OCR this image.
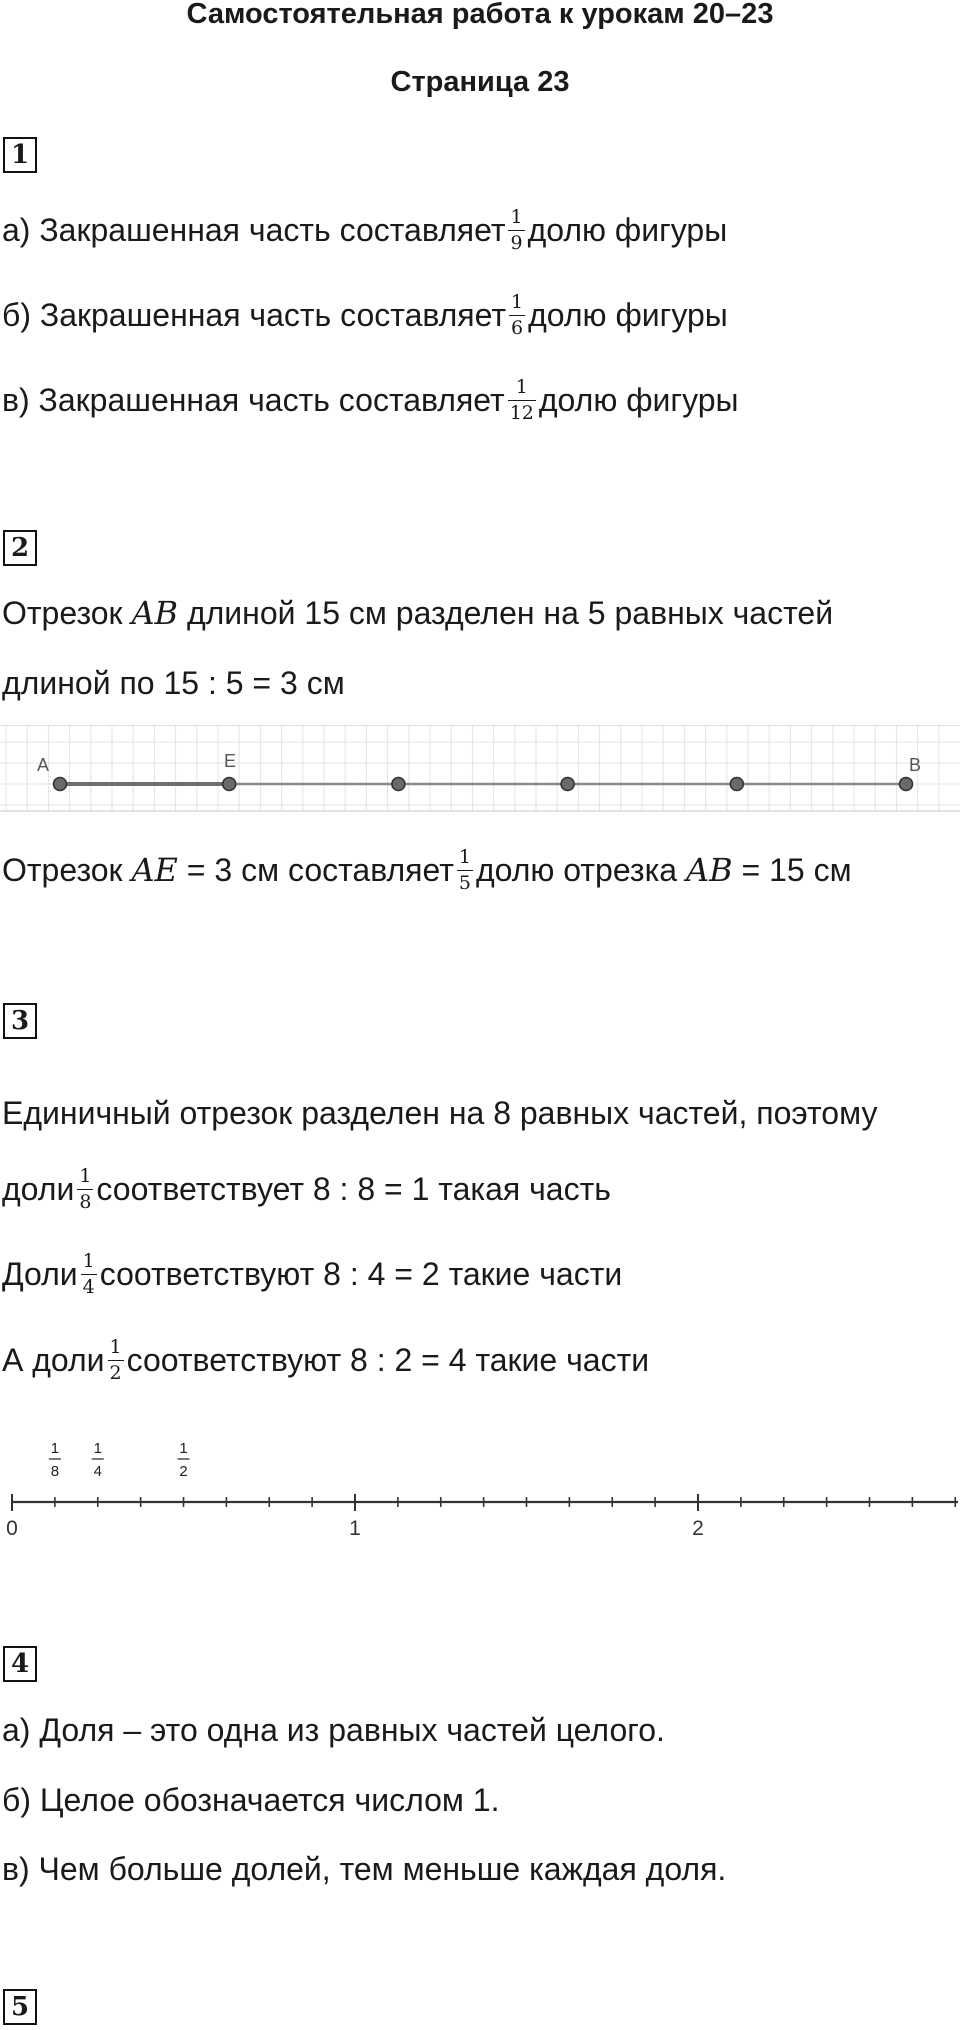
Самостоятельная работа к урокам 20–23
Страница 23
1
а) Закрашенная часть составляет $\frac{1}{9}$ долю фигуры
б) Закрашенная часть составляет $\frac{1}{6}$ долю фигуры
в) Закрашенная часть составляет $\frac{1}{12}$ долю фигуры
2
Отрезок AB длиной 15 см разделен на 5 равных частей
длиной по 15 : 5 = 3 см
A	E	B
Отрезок AE = 3 см составляет $\frac{1}{5}$ долю отрезка AB = 15 см
3
Единичный отрезок разделен на 8 равных частей, поэтому
доли $\frac{1}{8}$ соответствует 8 : 8 = 1 такая часть
Доли $\frac{1}{4}$ соответствуют 8 : 4 = 2 такие части
А доли $\frac{1}{2}$ соответствуют 8 : 2 = 4 такие части
1
8
1
4
1
2
0	1	2
4
а) Доля – это одна из равных частей целого.
б) Целое обозначается числом 1.
в) Чем больше долей, тем меньше каждая доля.
5
